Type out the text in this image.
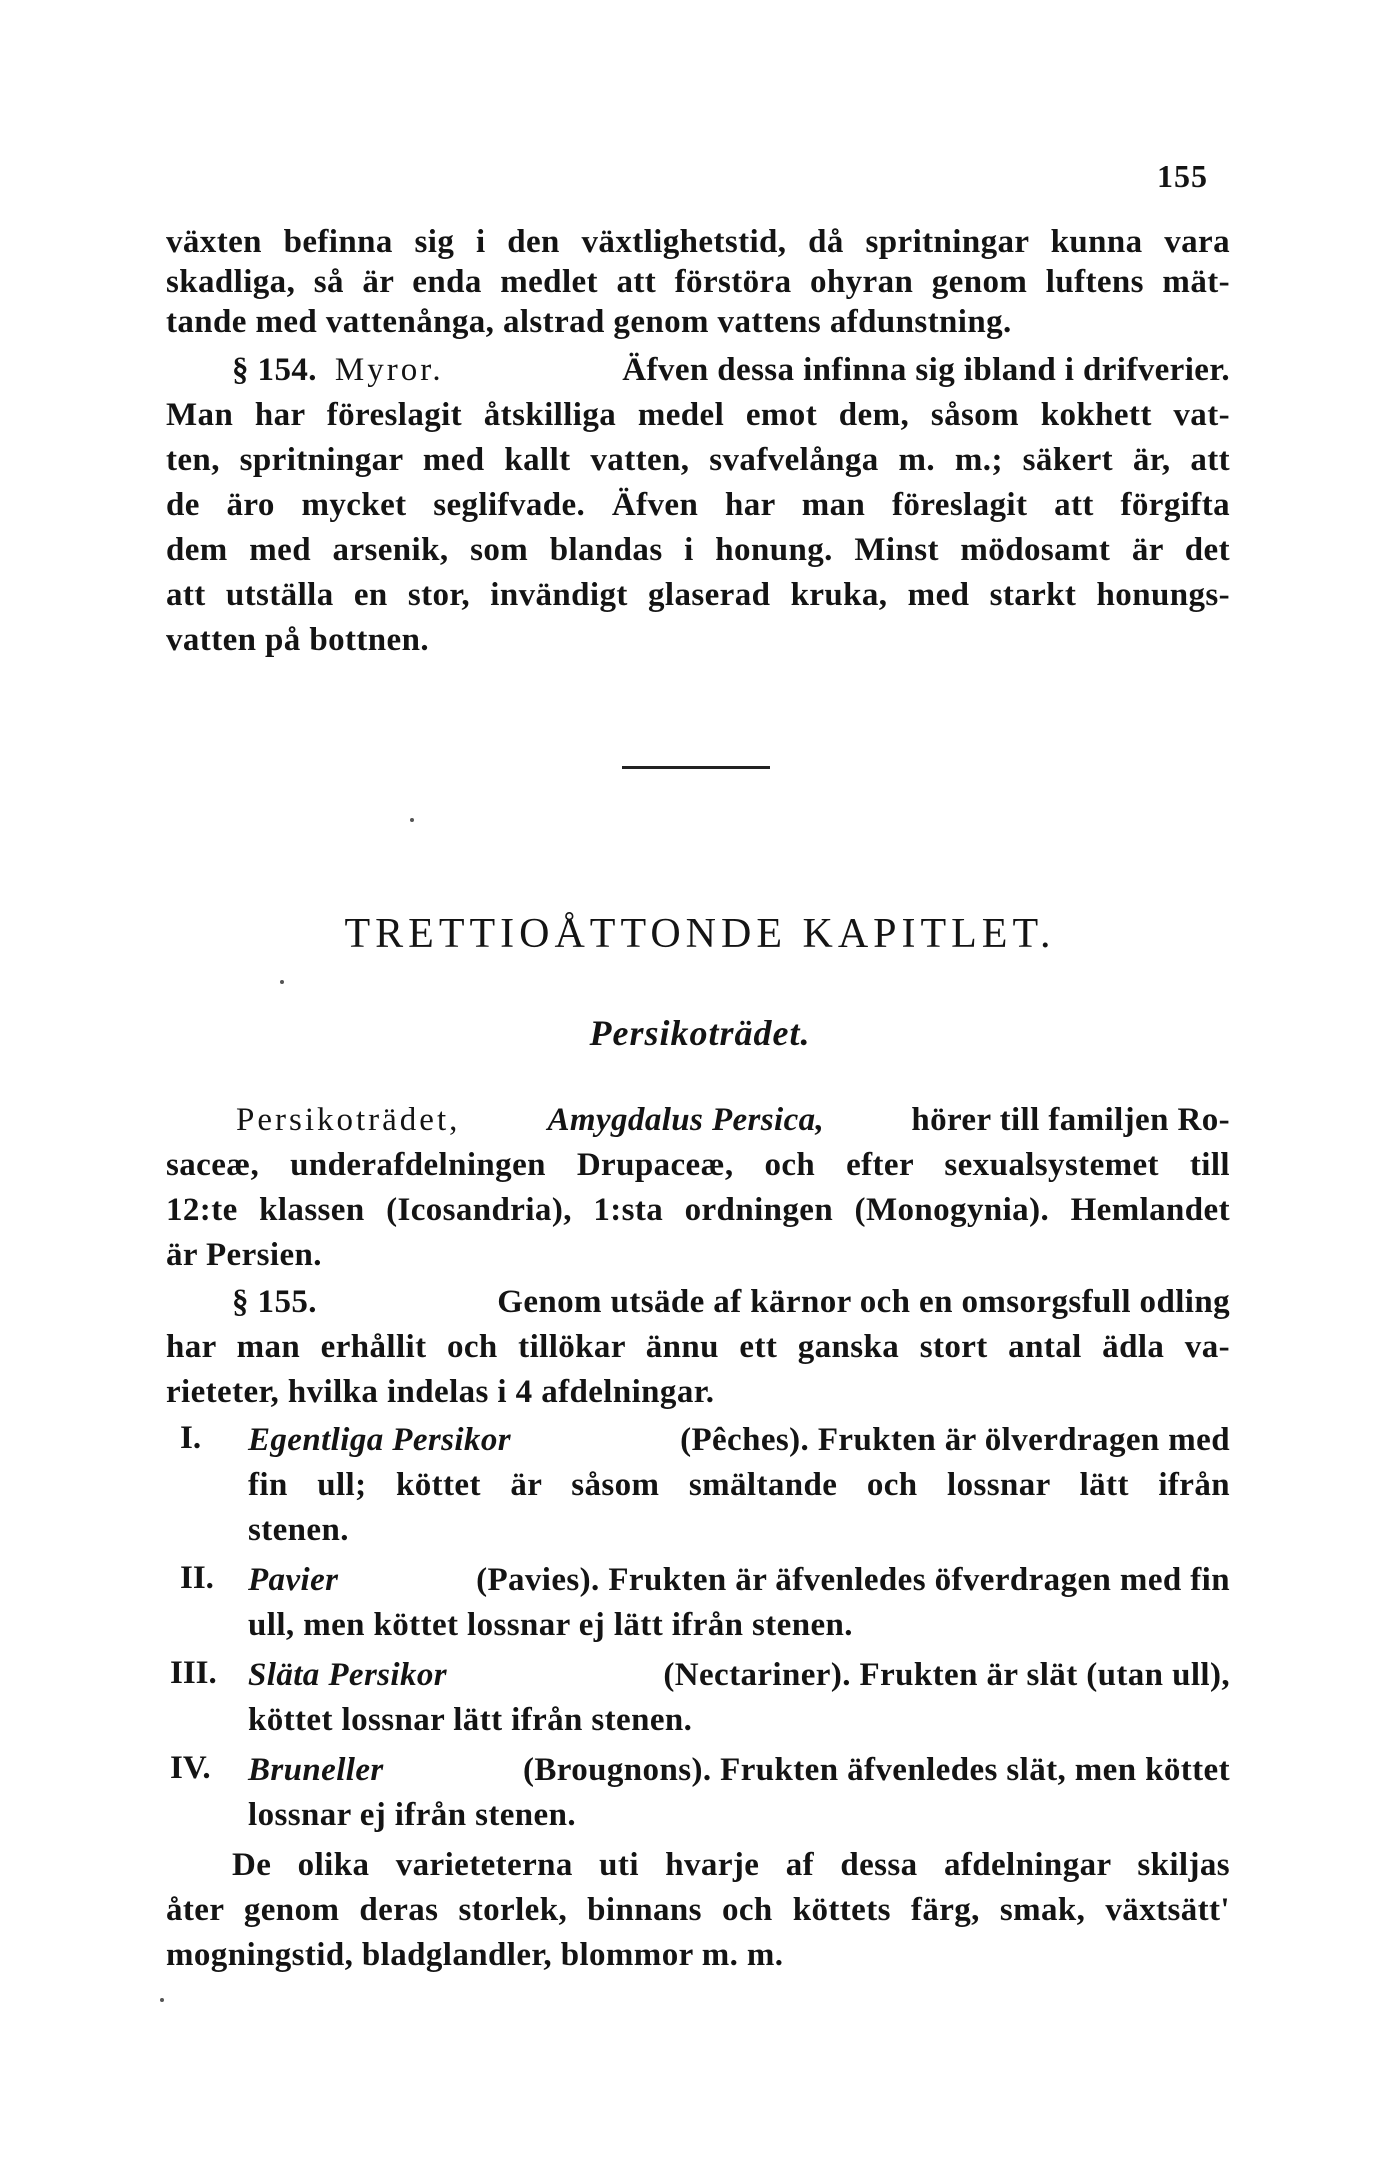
155
växten befinna sig i den växtlighetstid, då spritningar kunna vara
skadliga, så är enda medlet att förstöra ohyran genom luftens mät-
tande med vattenånga, alstrad genom vattens afdunstning.
§ 154. Myror.	Äfven dessa infinna sig ibland i drifverier.
Man har föreslagit åtskilliga medel emot dem, såsom kokhett vat-
ten, spritningar med kallt vatten, svafvelånga m. m.; säkert är, att
de äro mycket seglifvade. Äfven har man föreslagit att förgifta
dem med arsenik, som blandas i honung. Minst mödosamt är det
att utställa en stor, invändigt glaserad kruka, med starkt honungs-
vatten på bottnen.
TRETTIOÅTTONDE KAPITLET.
Persikoträdet.
Persikoträdet,	Amygdalus Persica,	hörer till familjen Ro-
saceæ, underafdelningen Drupaceæ, och efter sexualsystemet till
12:te klassen (Icosandria), 1:sta ordningen (Monogynia). Hemlandet
är Persien.
§ 155.	Genom utsäde af kärnor och en omsorgsfull odling
har man erhållit och tillökar ännu ett ganska stort antal ädla va-
rieteter, hvilka indelas i 4 afdelningar.
I. Egentliga Persikor	(Pêches). Frukten är ölverdragen med
fin ull; köttet är såsom smältande och lossnar lätt ifrån
stenen.
II. Pavier	(Pavies). Frukten är äfvenledes öfverdragen med fin
ull, men köttet lossnar ej lätt ifrån stenen.
III. Släta Persikor	(Nectariner). Frukten är slät (utan ull),
köttet lossnar lätt ifrån stenen.
IV. Bruneller	(Brougnons). Frukten äfvenledes slät, men köttet
lossnar ej ifrån stenen.
De olika varieteterna uti hvarje af dessa afdelningar skiljas
åter genom deras storlek, binnans och köttets färg, smak, växtsätt'
mogningstid, bladglandler, blommor m. m.
